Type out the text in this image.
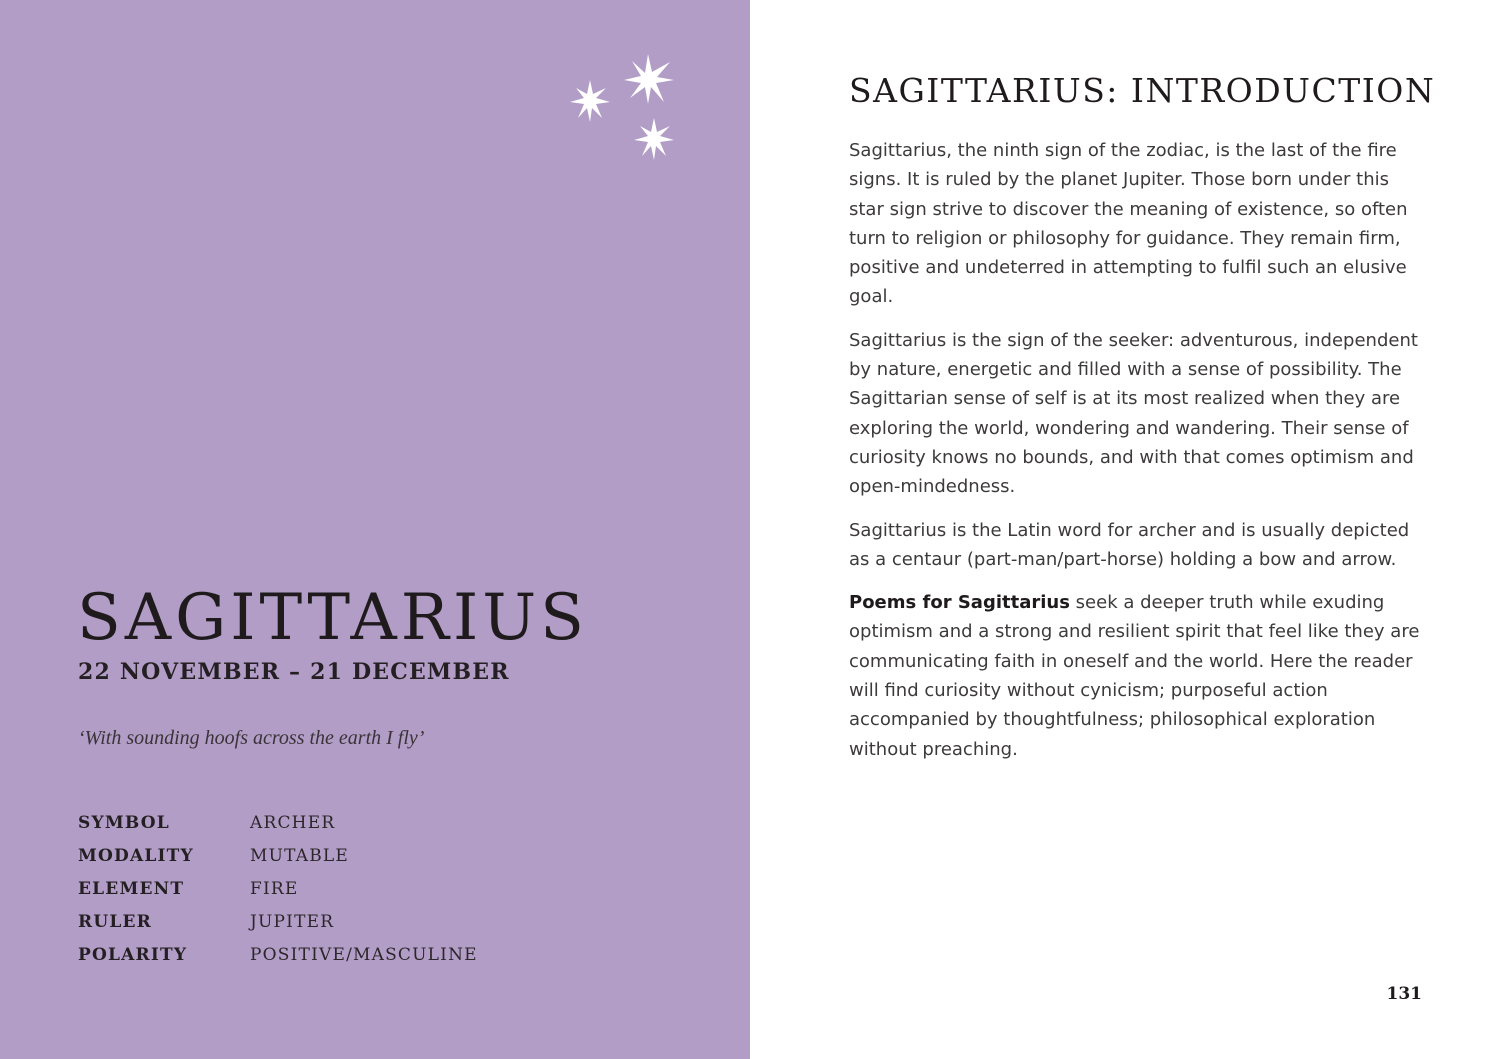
SAGITTARIUS
22 NOVEMBER – 21 DECEMBER

‘With sounding hoofs across the earth I fly’

SYMBOL	ARCHER
MODALITY	MUTABLE
ELEMENT	FIRE
RULER	JUPITER
POLARITY	POSITIVE/MASCULINE
SAGITTARIUS: INTRODUCTION

Sagittarius, the ninth sign of the zodiac, is the last of the fire signs. It is ruled by the planet Jupiter. Those born under this star sign strive to discover the meaning of existence, so often turn to religion or philosophy for guidance. They remain firm, positive and undeterred in attempting to fulfil such an elusive goal.

Sagittarius is the sign of the seeker: adventurous, independent by nature, energetic and filled with a sense of possibility. The Sagittarian sense of self is at its most realized when they are exploring the world, wondering and wandering. Their sense of curiosity knows no bounds, and with that comes optimism and open-mindedness.

Sagittarius is the Latin word for archer and is usually depicted as a centaur (part-man/part-horse) holding a bow and arrow.

Poems for Sagittarius seek a deeper truth while exuding optimism and a strong and resilient spirit that feel like they are communicating faith in oneself and the world. Here the reader will find curiosity without cynicism; purposeful action accompanied by thoughtfulness; philosophical exploration without preaching.

131
